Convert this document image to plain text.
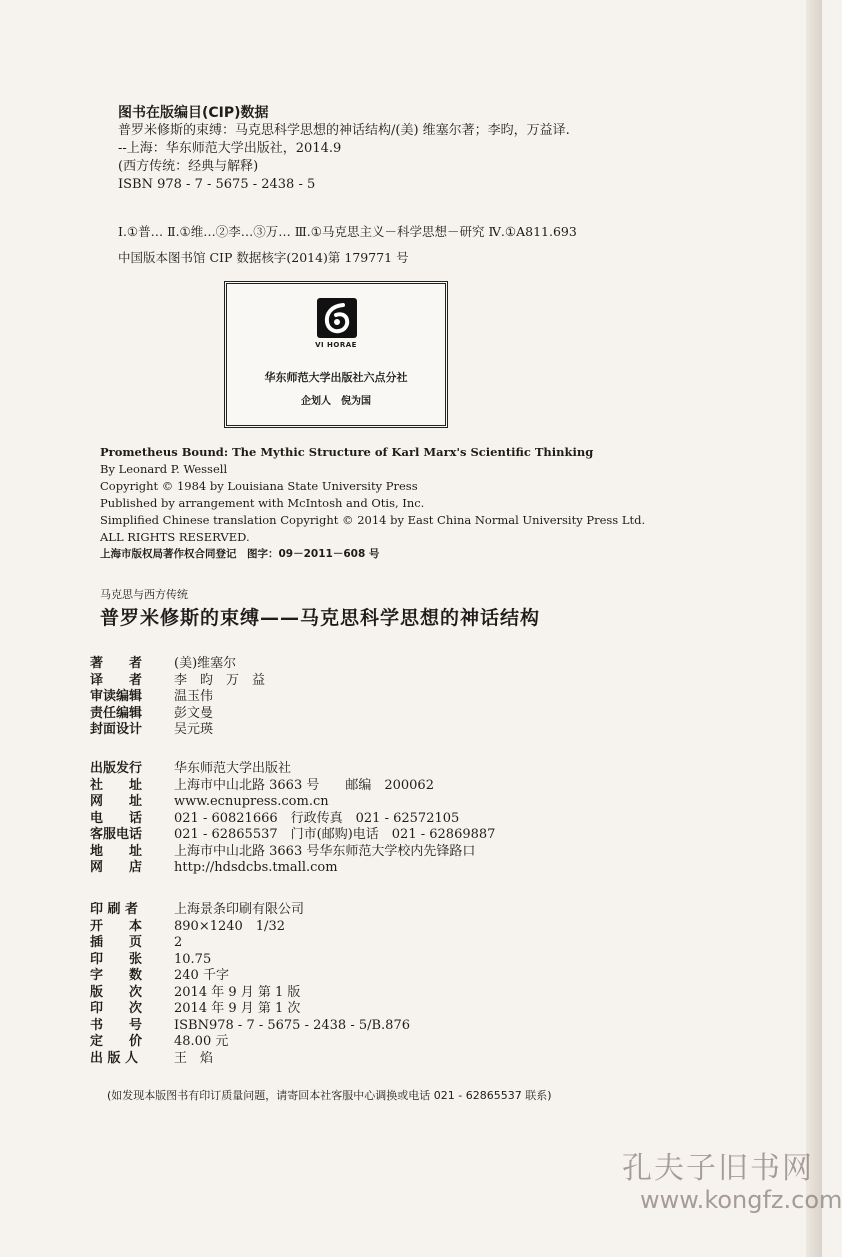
图书在版编目(CIP)数据
普罗米修斯的束缚：马克思科学思想的神话结构/(美) 维塞尔著；李昀，万益译.
--上海：华东师范大学出版社，2014.9
(西方传统：经典与解释)
ISBN 978 - 7 - 5675 - 2438 - 5
Ⅰ.①普… Ⅱ.①维…②李…③万… Ⅲ.①马克思主义－科学思想－研究 Ⅳ.①A811.693
中国版本图书馆 CIP 数据核字(2014)第 179771 号
VI HORAE
华东师范大学出版社六点分社
企划人　倪为国
Prometheus Bound: The Mythic Structure of Karl Marx's Scientific Thinking
By Leonard P. Wessell
Copyright © 1984 by Louisiana State University Press
Published by arrangement with McIntosh and Otis, Inc.
Simplified Chinese translation Copyright © 2014 by East China Normal University Press Ltd.
ALL RIGHTS RESERVED.
上海市版权局著作权合同登记　图字：09－2011－608 号
马克思与西方传统
普罗米修斯的束缚——马克思科学思想的神话结构
著　　者	(美)维塞尔
译　　者	李　昀　万　益
审读编辑	温玉伟
责任编辑	彭文曼
封面设计	吴元瑛
出版发行	华东师范大学出版社
社　　址	上海市中山北路 3663 号　　邮编　200062
网　　址	www.ecnupress.com.cn
电　　话	021 - 60821666　行政传真　021 - 62572105
客服电话	021 - 62865537　门市(邮购)电话　021 - 62869887
地　　址	上海市中山北路 3663 号华东师范大学校内先锋路口
网　　店	http://hdsdcbs.tmall.com
印 刷 者	上海景条印刷有限公司
开　　本	890×1240　1/32
插　　页	2
印　　张	10.75
字　　数	240 千字
版　　次	2014 年 9 月 第 1 版
印　　次	2014 年 9 月 第 1 次
书　　号	ISBN978 - 7 - 5675 - 2438 - 5/B.876
定　　价	48.00 元
出 版 人	王　焰
(如发现本版图书有印订质量问题，请寄回本社客服中心调换或电话 021 - 62865537 联系)
孔夫子旧书网
www.kongfz.com
